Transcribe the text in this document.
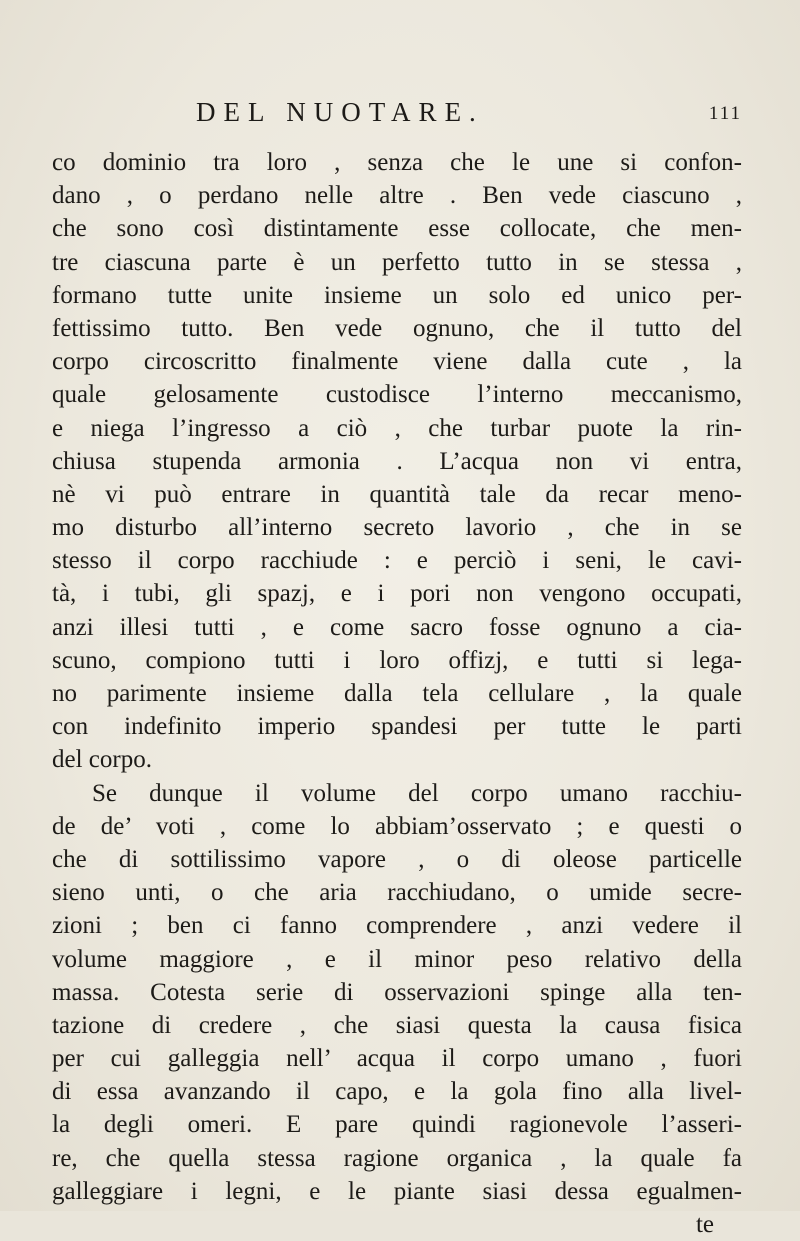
DEL NUOTARE.	111
co dominio tra loro , senza che le une si confon-
dano , o perdano nelle altre . Ben vede ciascuno ,
che sono così distintamente esse collocate, che men-
tre ciascuna parte è un perfetto tutto in se stessa ,
formano tutte unite insieme un solo ed unico per-
fettissimo tutto. Ben vede ognuno, che il tutto del
corpo circoscritto finalmente viene dalla cute , la
quale gelosamente custodisce l’interno meccanismo,
e niega l’ingresso a ciò , che turbar puote la rin-
chiusa stupenda armonia . L’acqua non vi entra,
nè vi può entrare in quantità tale da recar meno-
mo disturbo all’interno secreto lavorio , che in se
stesso il corpo racchiude : e perciò i seni, le cavi-
tà, i tubi, gli spazj, e i pori non vengono occupati,
anzi illesi tutti , e come sacro fosse ognuno a cia-
scuno, compiono tutti i loro offizj, e tutti si lega-
no parimente insieme dalla tela cellulare , la quale
con indefinito imperio spandesi per tutte le parti
del corpo.
Se dunque il volume del corpo umano racchiu-
de de’ voti , come lo abbiam’osservato ; e questi o
che di sottilissimo vapore , o di oleose particelle
sieno unti, o che aria racchiudano, o umide secre-
zioni ; ben ci fanno comprendere , anzi vedere il
volume maggiore , e il minor peso relativo della
massa. Cotesta serie di osservazioni spinge alla ten-
tazione di credere , che siasi questa la causa fisica
per cui galleggia nell’ acqua il corpo umano , fuori
di essa avanzando il capo, e la gola fino alla livel-
la degli omeri. E pare quindi ragionevole l’asseri-
re, che quella stessa ragione organica , la quale fa
galleggiare i legni, e le piante siasi dessa egualmen-
te
